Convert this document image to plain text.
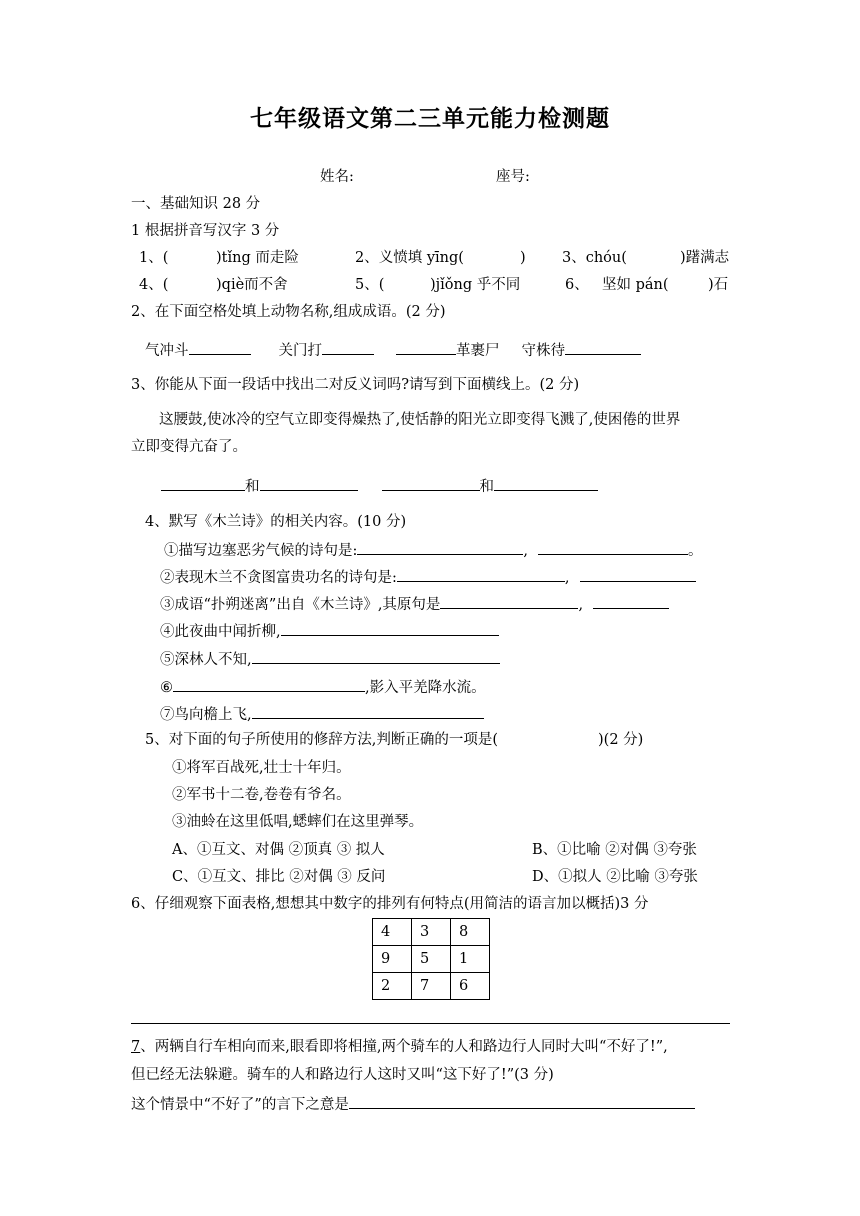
七年级语文第二三单元能力检测题
姓名:	座号:
一、基础知识 28 分
1 根据拼音写汉字 3 分
1、(	)tǐng 而走险	2、义愤填 yīng(	)	3、chóu(	)躇满志
4、(	)qiè而不舍	5、(	)jǐǒng 乎不同	6、 坚如 pán(	)石
2、在下面空格处填上动物名称,组成成语。(2 分)
气冲斗	关门打	革裹尸 守株待
3、你能从下面一段话中找出二对反义词吗?请写到下面横线上。(2 分)
这腰鼓,使冰冷的空气立即变得燥热了,使恬静的阳光立即变得飞溅了,使困倦的世界
立即变得亢奋了。
和	和
4、默写《木兰诗》的相关内容。(10 分)
①描写边塞恶劣气候的诗句是:	,	。
②表现木兰不贪图富贵功名的诗句是:	,
③成语“扑朔迷离”出自《木兰诗》,其原句是	,
④此夜曲中闻折柳,
⑤深林人不知,
⑥	,影入平羌降水流。
⑦鸟向檐上飞,
5、对下面的句子所使用的修辞方法,判断正确的一项是(	)(2 分)
①将军百战死,壮士十年归。
②军书十二卷,卷卷有爷名。
③油蛉在这里低唱,蟋蟀们在这里弹琴。
A、①互文、对偶 ②顶真 ③ 拟人	B、①比喻 ②对偶 ③夸张
C、①互文、排比 ②对偶 ③ 反问	D、①拟人 ②比喻 ③夸张
6、仔细观察下面表格,想想其中数字的排列有何特点(用简洁的语言加以概括)3 分
4	3	8
9	5	1
2	7	6
7、两辆自行车相向而来,眼看即将相撞,两个骑车的人和路边行人同时大叫“不好了!”,
但已经无法躲避。骑车的人和路边行人这时又叫“这下好了!”(3 分)
这个情景中“不好了”的言下之意是
